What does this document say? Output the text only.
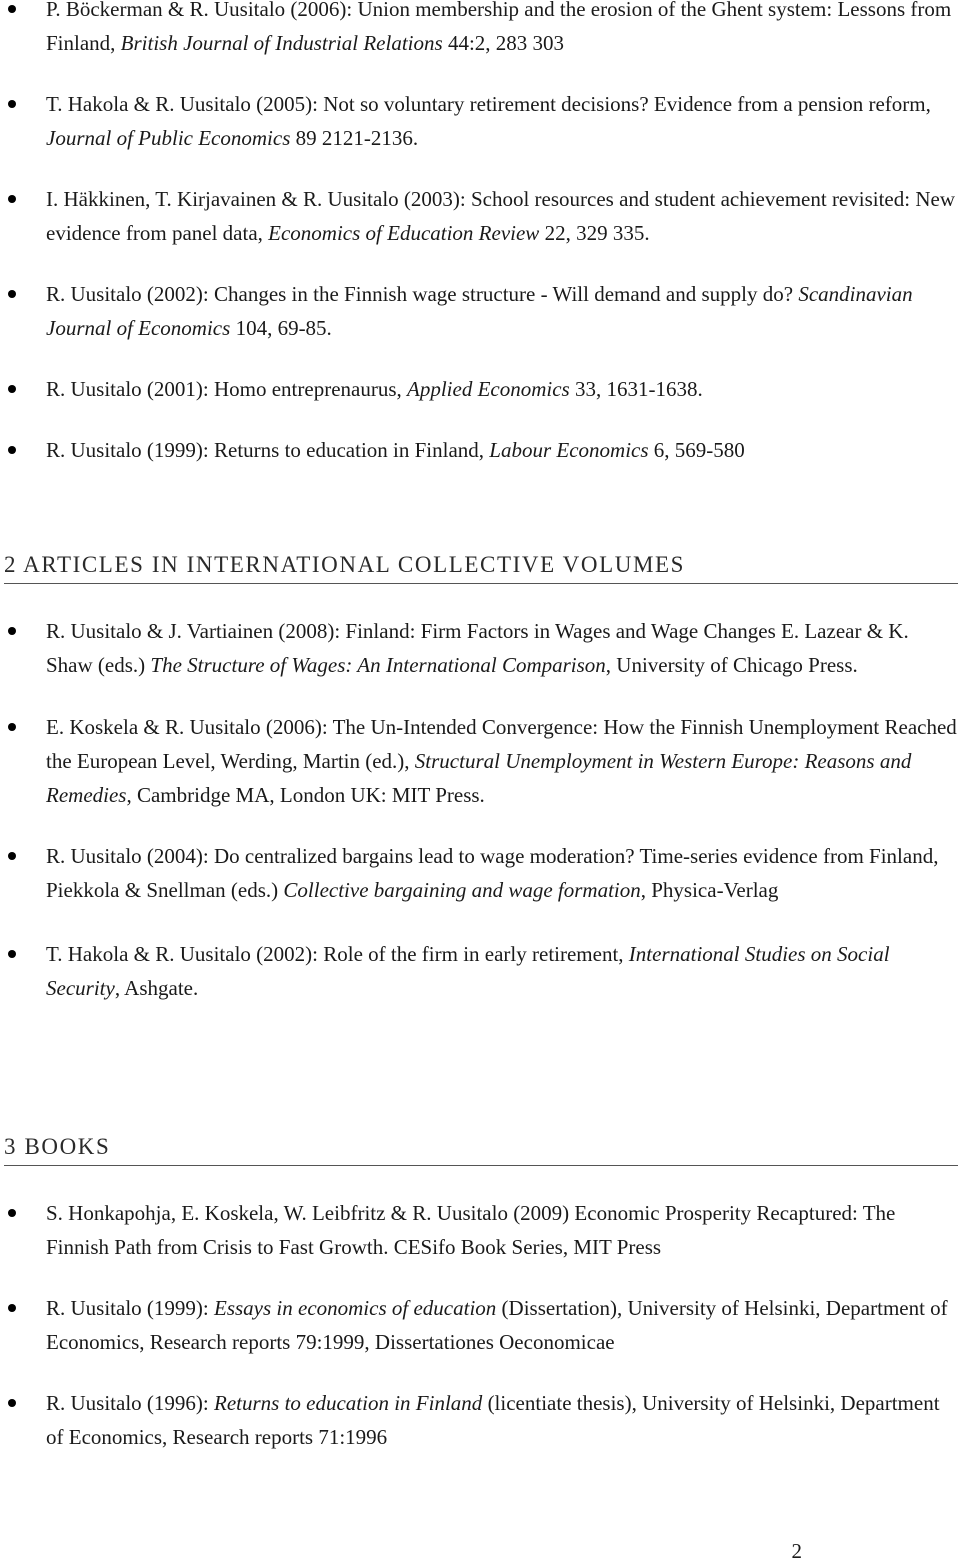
P. Böckerman & R. Uusitalo (2006): Union membership and the erosion of the Ghent system: Lessons from Finland, British Journal of Industrial Relations 44:2, 283 303
T. Hakola & R. Uusitalo (2005): Not so voluntary retirement decisions? Evidence from a pension reform, Journal of Public Economics 89 2121-2136.
I. Häkkinen, T. Kirjavainen & R. Uusitalo (2003): School resources and student achievement revisited: New evidence from panel data, Economics of Education Review 22, 329 335.
R. Uusitalo (2002): Changes in the Finnish wage structure - Will demand and supply do? Scandinavian Journal of Economics 104, 69-85.
R. Uusitalo (2001): Homo entreprenaurus, Applied Economics 33, 1631-1638.
R. Uusitalo (1999): Returns to education in Finland, Labour Economics 6, 569-580
2 ARTICLES IN INTERNATIONAL COLLECTIVE VOLUMES
R. Uusitalo & J. Vartiainen (2008): Finland: Firm Factors in Wages and Wage Changes E. Lazear & K. Shaw (eds.) The Structure of Wages: An International Comparison, University of Chicago Press.
E. Koskela & R. Uusitalo (2006): The Un-Intended Convergence: How the Finnish Unemployment Reached the European Level, Werding, Martin (ed.), Structural Unemployment in Western Europe: Reasons and Remedies, Cambridge MA, London UK: MIT Press.
R. Uusitalo (2004): Do centralized bargains lead to wage moderation? Time-series evidence from Finland, Piekkola & Snellman (eds.) Collective bargaining and wage formation, Physica-Verlag
T. Hakola & R. Uusitalo (2002): Role of the firm in early retirement, International Studies on Social Security, Ashgate.
3 BOOKS
S. Honkapohja, E. Koskela, W. Leibfritz & R. Uusitalo (2009) Economic Prosperity Recaptured: The Finnish Path from Crisis to Fast Growth. CESifo Book Series, MIT Press
R. Uusitalo (1999): Essays in economics of education (Dissertation), University of Helsinki, Department of Economics, Research reports 79:1999, Dissertationes Oeconomicae
R. Uusitalo (1996): Returns to education in Finland (licentiate thesis), University of Helsinki, Department of Economics, Research reports 71:1996
2
